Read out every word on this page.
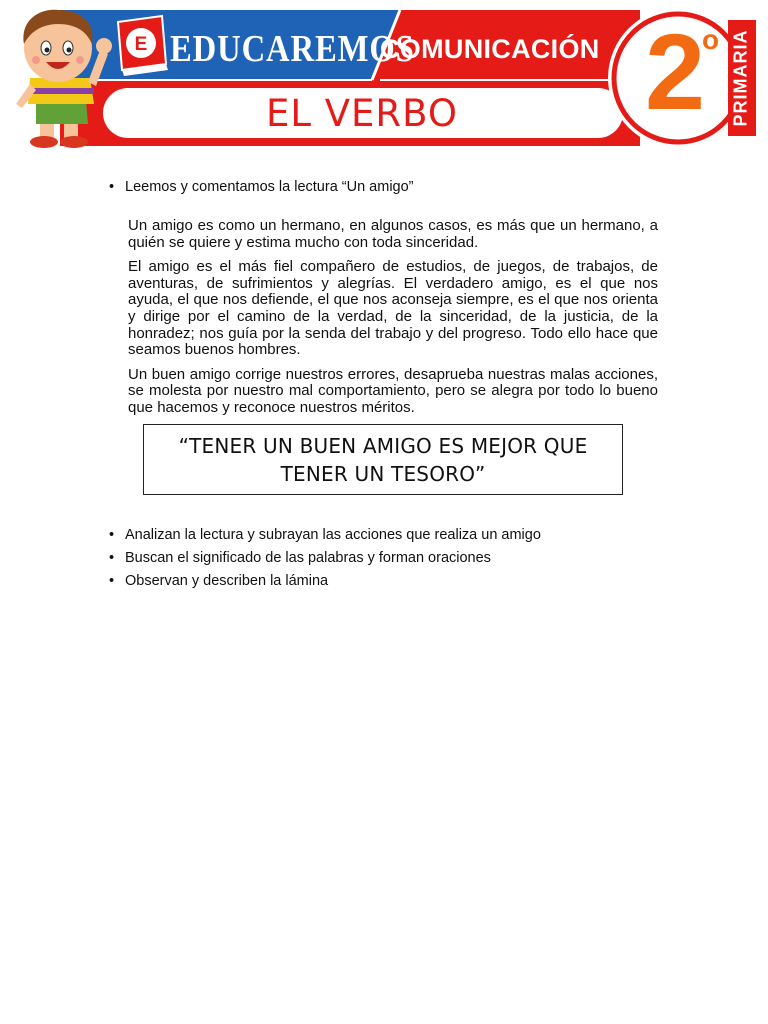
E EDUCAREMOS
COMUNICACIÓN
EL VERBO	2
o PRIMARIA
• Leemos y comentamos la lectura “Un amigo”

Un amigo es como un hermano, en algunos casos, es más que un hermano, a quién se quiere y estima mucho con toda sinceridad.

El amigo es el más fiel compañero de estudios, de juegos, de trabajos, de aventuras, de sufrimientos y alegrías. El verdadero amigo, es el que nos ayuda, el que nos defiende, el que nos aconseja siempre, es el que nos orienta y dirige por el camino de la verdad, de la sinceridad, de la justicia, de la honradez; nos guía por la senda del trabajo y del progreso. Todo ello hace que seamos buenos hombres.

Un buen amigo corrige nuestros errores, desaprueba nuestras malas acciones, se molesta por nuestro mal comportamiento, pero se alegra por todo lo bueno que hacemos y reconoce nuestros méritos.

“TENER UN BUEN AMIGO ES MEJOR QUE
TENER UN TESORO”
• Analizan la lectura y subrayan las acciones que realiza un amigo
• Buscan el significado de las palabras y forman oraciones
• Observan y describen la lámina
